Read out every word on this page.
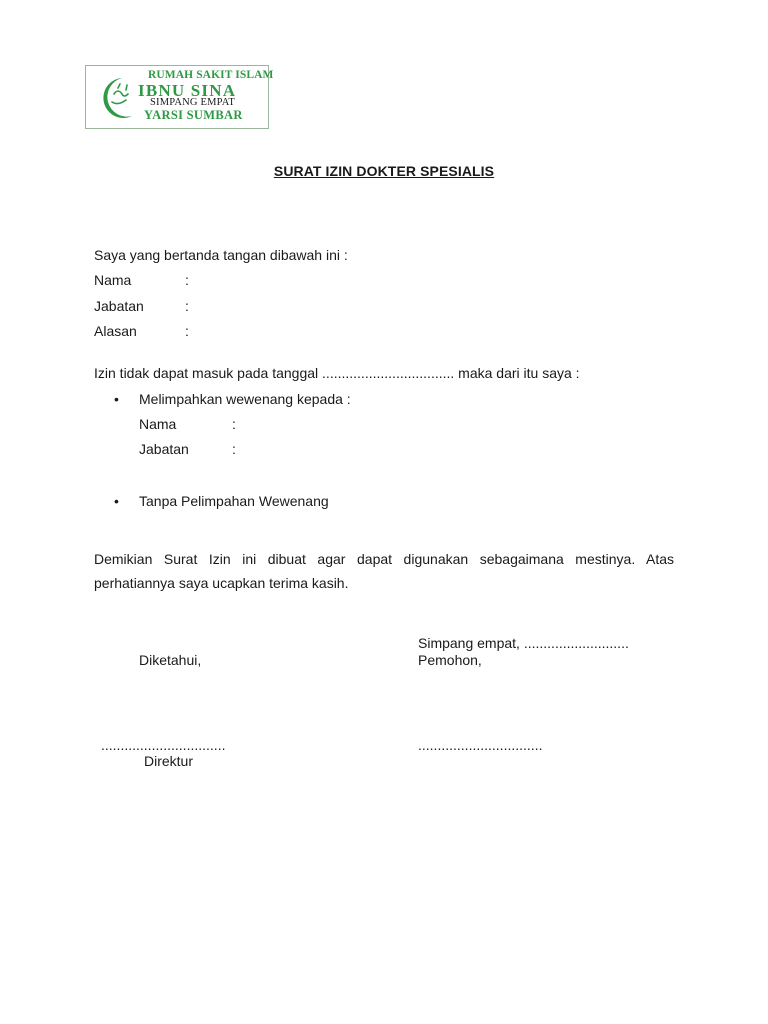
RUMAH SAKIT ISLAM
IBNU SINA
SIMPANG EMPAT
YARSI SUMBAR
SURAT IZIN DOKTER SPESIALIS
Saya yang bertanda tangan dibawah ini :
Nama	:
Jabatan	:
Alasan	:
Izin tidak dapat masuk pada tanggal .................................. maka dari itu saya :
• Melimpahkan wewenang kepada :
Nama	:
Jabatan	:
• Tanpa Pelimpahan Wewenang
Demikian Surat Izin ini dibuat agar dapat digunakan sebagaimana mestinya. Atas perhatiannya saya ucapkan terima kasih.
Simpang empat, ...........................
Diketahui,	Pemohon,
................................	................................
Direktur
